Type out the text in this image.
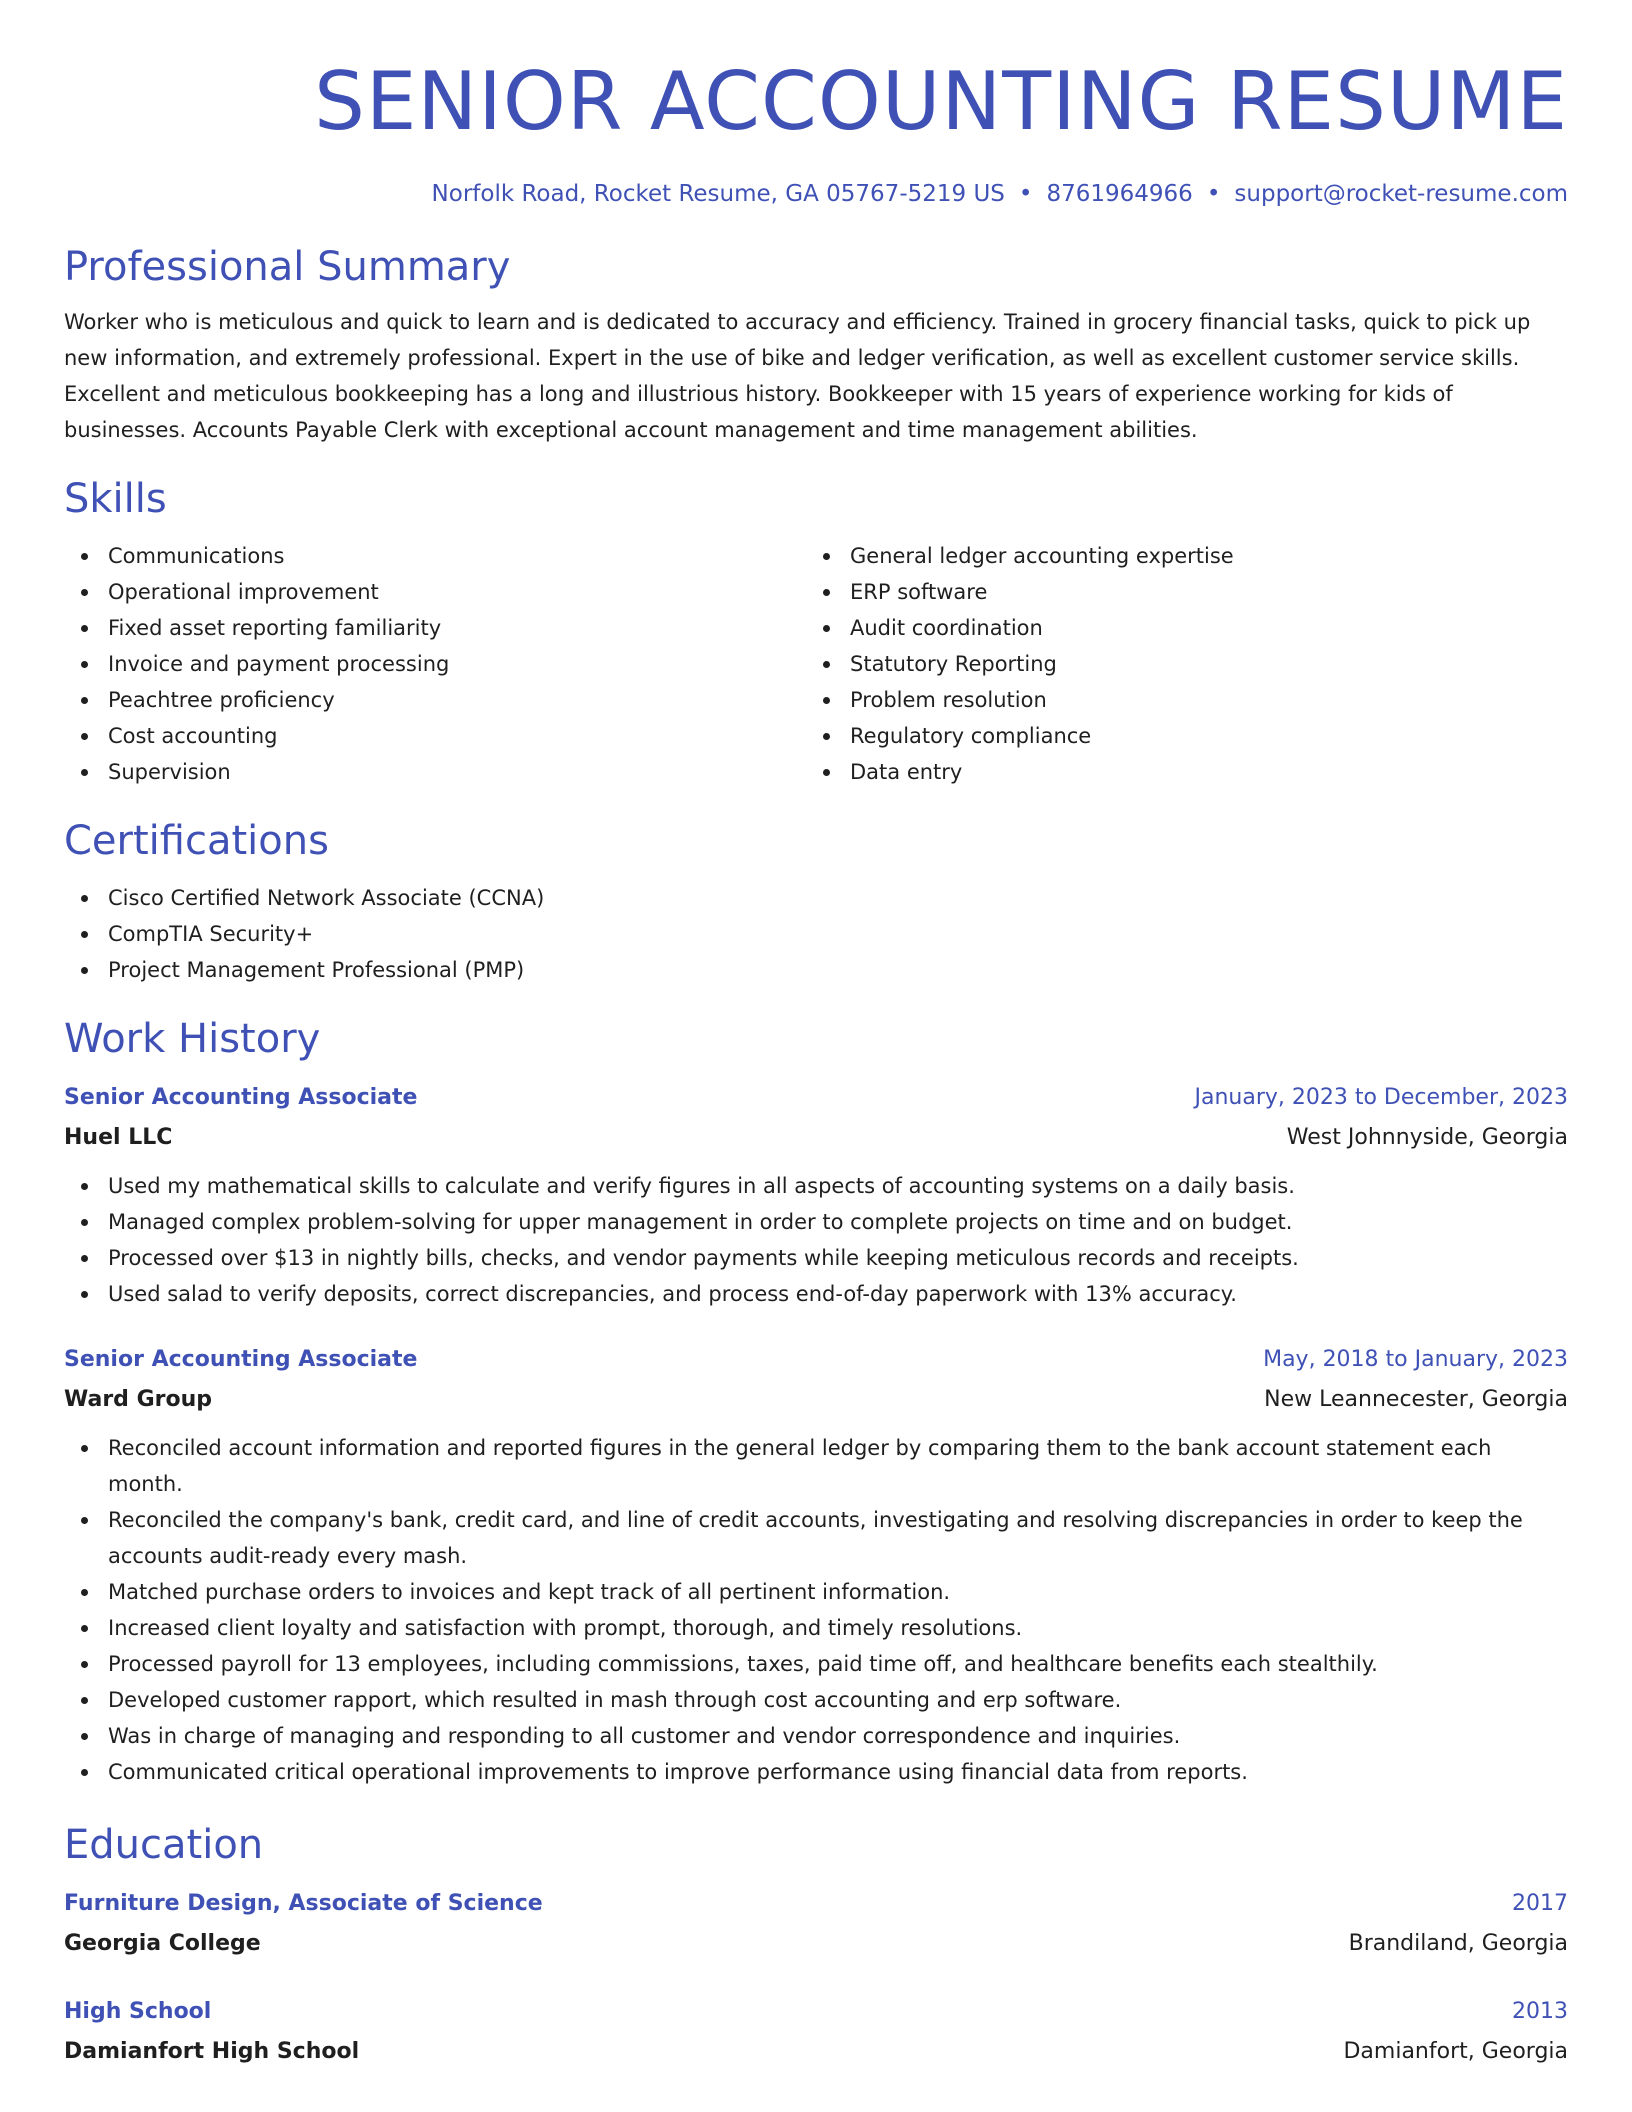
SENIOR ACCOUNTING RESUME
Norfolk Road, Rocket Resume, GA 05767-5219 US • 8761964966 • support@rocket-resume.com
Professional Summary

Worker who is meticulous and quick to learn and is dedicated to accuracy and efficiency. Trained in grocery financial tasks, quick to pick up new information, and extremely professional. Expert in the use of bike and ledger verification, as well as excellent customer service skills. Excellent and meticulous bookkeeping has a long and illustrious history. Bookkeeper with 15 years of experience working for kids of businesses. Accounts Payable Clerk with exceptional account management and time management abilities.

Skills
Communications
Operational improvement
Fixed asset reporting familiarity
Invoice and payment processing
Peachtree proficiency
Cost accounting
Supervision
General ledger accounting expertise
ERP software
Audit coordination
Statutory Reporting
Problem resolution
Regulatory compliance
Data entry
Certifications
Cisco Certified Network Associate (CCNA)
CompTIA Security+
Project Management Professional (PMP)
Work History
Senior Accounting Associate	January, 2023 to December, 2023
Huel LLC	West Johnnyside, Georgia
Used my mathematical skills to calculate and verify figures in all aspects of accounting systems on a daily basis.
Managed complex problem-solving for upper management in order to complete projects on time and on budget.
Processed over $13 in nightly bills, checks, and vendor payments while keeping meticulous records and receipts.
Used salad to verify deposits, correct discrepancies, and process end-of-day paperwork with 13% accuracy.
Senior Accounting Associate	May, 2018 to January, 2023
Ward Group	New Leannecester, Georgia
Reconciled account information and reported figures in the general ledger by comparing them to the bank account statement each month.
Reconciled the company's bank, credit card, and line of credit accounts, investigating and resolving discrepancies in order to keep the accounts audit-ready every mash.
Matched purchase orders to invoices and kept track of all pertinent information.
Increased client loyalty and satisfaction with prompt, thorough, and timely resolutions.
Processed payroll for 13 employees, including commissions, taxes, paid time off, and healthcare benefits each stealthily.
Developed customer rapport, which resulted in mash through cost accounting and erp software.
Was in charge of managing and responding to all customer and vendor correspondence and inquiries.
Communicated critical operational improvements to improve performance using financial data from reports.
Education
Furniture Design, Associate of Science	2017
Georgia College	Brandiland, Georgia
High School	2013
Damianfort High School	Damianfort, Georgia
